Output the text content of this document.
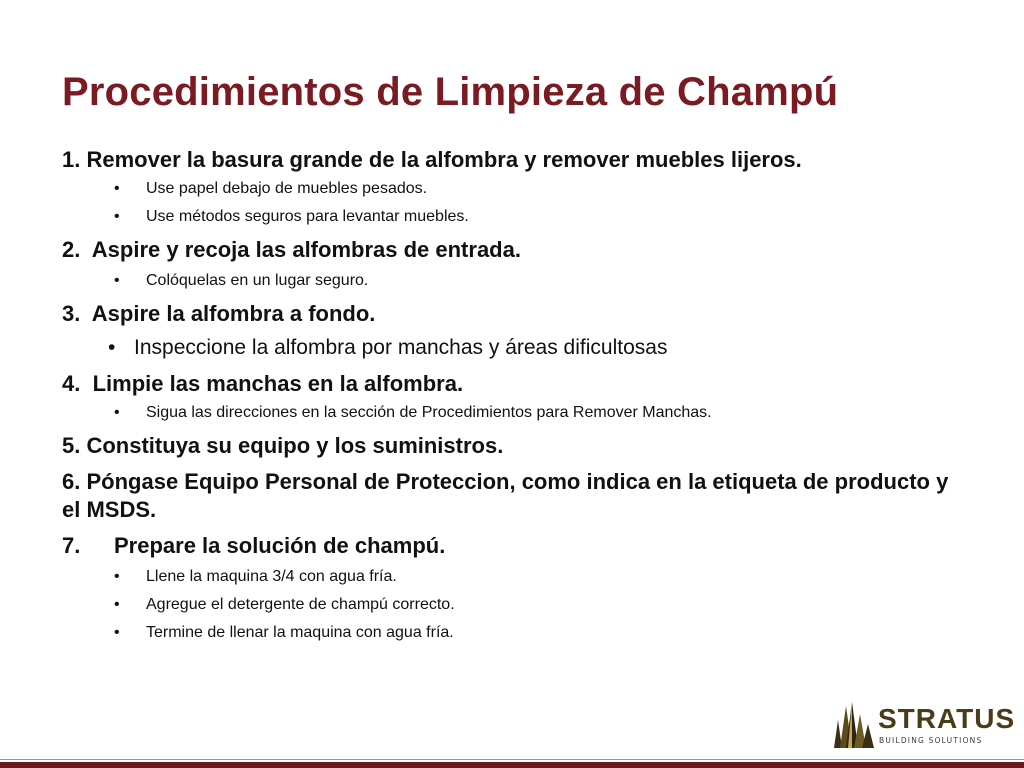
Procedimientos de Limpieza de Champú

1. Remover la basura grande de la alfombra y remover muebles lijeros.

• Use papel debajo de muebles pesados.

• Use métodos seguros para levantar muebles.

2. Aspire y recoja las alfombras de entrada.

• Colóquelas en un lugar seguro.

3. Aspire la alfombra a fondo.

• Inspeccione la alfombra por manchas y áreas dificultosas

4. Limpie las manchas en la alfombra.

• Sigua las direcciones en la sección de Procedimientos para Remover Manchas.

5. Constituya su equipo y los suministros.

6. Póngase Equipo Personal de Proteccion, como indica en la etiqueta de producto y el MSDS.

7. Prepare la solución de champú.

• Llene la maquina 3/4 con agua fría.

• Agregue el detergente de champú correcto.

• Termine de llenar la maquina con agua fría.

STRATUS
BUILDING SOLUTIONS
